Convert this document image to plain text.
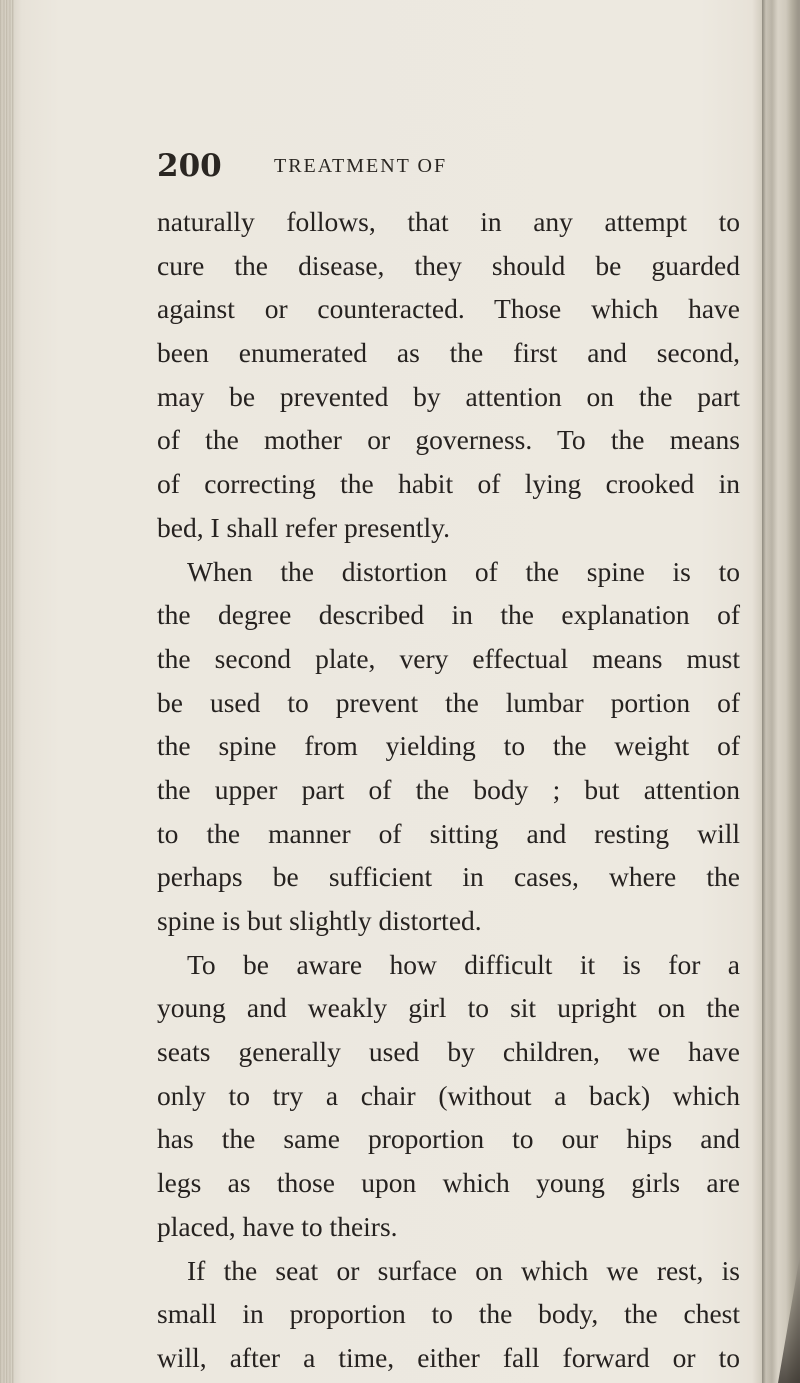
200	TREATMENT OF
naturally follows, that in any attempt to
cure the disease, they should be guarded
against or counteracted. Those which have
been enumerated as the first and second,
may be prevented by attention on the part
of the mother or governess. To the means
of correcting the habit of lying crooked in
bed, I shall refer presently.
When the distortion of the spine is to
the degree described in the explanation of
the second plate, very effectual means must
be used to prevent the lumbar portion of
the spine from yielding to the weight of
the upper part of the body ; but attention
to the manner of sitting and resting will
perhaps be sufficient in cases, where the
spine is but slightly distorted.
To be aware how difficult it is for a
young and weakly girl to sit upright on the
seats generally used by children, we have
only to try a chair (without a back) which
has the same proportion to our hips and
legs as those upon which young girls are
placed, have to theirs.
If the seat or surface on which we rest, is
small in proportion to the body, the chest
will, after a time, either fall forward or to
